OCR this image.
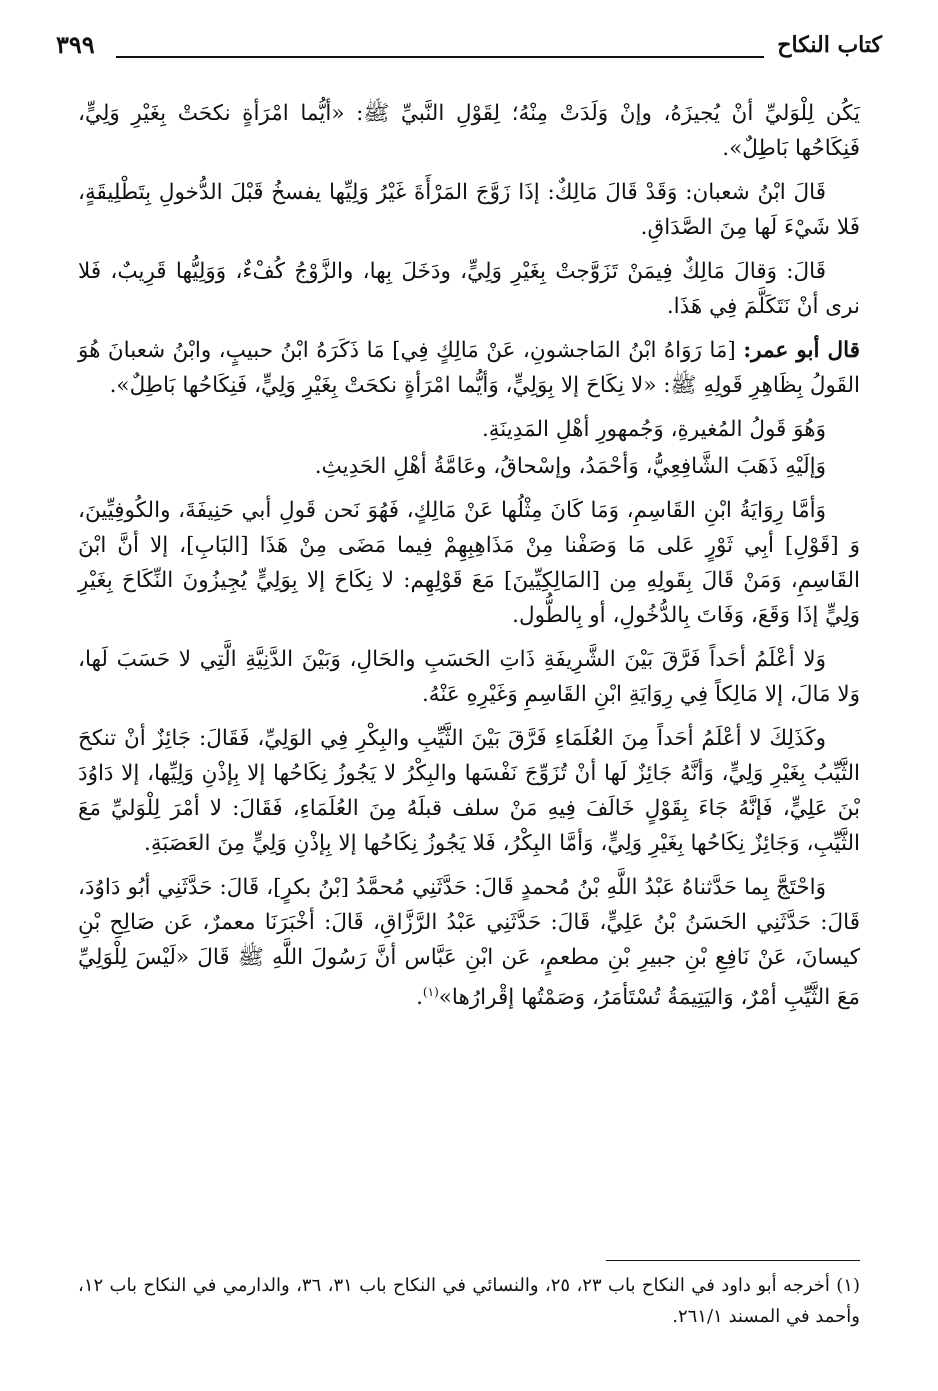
كتاب النكاح
٣٩٩

يَكُن لِلْوَليِّ أنْ يُجيزَهُ، وإنْ وَلَدَتْ مِنْهُ؛ لِقَوْلِ النَّبيِّ ﷺ: «أيُّما امْرَأةٍ نكحَتْ بِغَيْرِ وَلِيٍّ، فَنِكَاحُها بَاطِلٌ».

قَالَ ابْنُ شعبان: وَقَدْ قَالَ مَالِكٌ: إذَا زَوَّجَ المَرْأَةَ غَيْرُ وَلِيِّها يفسخُ قَبْلَ الدُّخولِ بِتَطْلِيقَةٍ، فَلا شَيْءَ لَها مِنَ الصَّدَاقِ.

قَالَ: وَقالَ مَالِكٌ فِيمَنْ تَزَوَّجتْ بِغَيْرِ وَلِيٍّ، ودَخَلَ بِها، والزَّوْجُ كُفْءٌ، وَوَلِيُّها قَرِيبٌ، فَلا نرى أنْ نَتَكَلَّمَ فِي هَذَا.

قال أبو عمر: [مَا رَوَاهُ ابْنُ المَاجشونِ، عَنْ مَالِكٍ فِي] مَا ذَكَرَهُ ابْنُ حبيبٍ، وابْنُ شعبانَ هُوَ القَولُ بِظَاهِرِ قَولِهِ ﷺ: «لا نِكَاحَ إلا بِوَلِيٍّ، وَأيُّما امْرَأةٍ نكحَتْ بِغَيْرِ وَلِيٍّ، فَنِكَاحُها بَاطِلٌ».

وَهُوَ قَولُ المُغيرةِ، وَجُمهورِ أهْلِ المَدِينَةِ.

وَإلَيْهِ ذَهَبَ الشَّافِعِيُّ، وَأحْمَدُ، وإسْحاقُ، وعَامَّةُ أهْلِ الحَدِيثِ.

وَأمَّا رِوَايَةُ ابْنِ القَاسِمِ، وَمَا كَانَ مِثْلُها عَنْ مَالِكٍ، فَهُوَ نَحن قَولِ أبي حَنِيفَةَ، والكُوفِيِّينَ، وَ [قَوْلِ] أبِي ثَوْرٍ عَلى مَا وَصَفْنا مِنْ مَذَاهِبِهِمْ فِيما مَضَى مِنْ هَذَا [البَابِ]، إلا أنَّ ابْنَ القَاسِمِ، وَمَنْ قَالَ بِقَولِهِ مِن [المَالِكِيِّينَ] مَعَ قَوْلِهِم: لا نِكَاحَ إلا بِوَلِيٍّ يُجِيزُونَ النِّكَاحَ بِغَيْرِ وَلِيٍّ إذَا وَقَعَ، وَفَاتَ بِالدُّخُولِ، أو بِالطُّول.

وَلا أعْلَمُ أحَداً فَرَّقَ بَيْنَ الشَّرِيفَةِ ذَاتِ الحَسَبِ والحَالِ، وَبَيْنَ الدَّنِيَّةِ الَّتِي لا حَسَبَ لَها، وَلا مَالَ، إلا مَالِكاً فِي رِوَايَةِ ابْنِ القَاسِمِ وَغَيْرِهِ عَنْهُ.

وكَذَلِكَ لا أعْلَمُ أحَداً مِنَ العُلَمَاءِ فَرَّقَ بَيْنَ الثَّيِّبِ والبِكْرِ فِي الوَلِيِّ، فَقَالَ: جَائِزٌ أنْ تنكحَ الثَّيِّبُ بِغَيْرِ وَلِيٍّ، وَأنَّهُ جَائِزٌ لَها أنْ تُزَوِّجَ نَفْسَها والبِكْرُ لا يَجُوزُ نِكَاحُها إلا بِإذْنِ وَلِيِّها، إلا دَاوُدَ بْنَ عَلِيٍّ، فَإنَّهُ جَاءَ بِقَوْلٍ خَالَفَ فِيهِ مَنْ سلف قبلَهُ مِنَ العُلَمَاءِ، فَقَالَ: لا أمْرَ لِلْوَليِّ مَعَ الثَّيِّبِ، وَجَائِزٌ نِكَاحُها بِغَيْرِ وَلِيٍّ، وَأمَّا البِكْرُ، فَلا يَجُوزُ نِكَاحُها إلا بِإذْنِ وَلِيٍّ مِنَ العَصَبَةِ.

وَاحْتَجَّ بِما حَدَّثناهُ عَبْدُ اللَّهِ بْنُ مُحمدٍ قَالَ: حَدَّثَنِي مُحمَّدُ [بْنُ بكرٍ]، قَالَ: حَدَّثَنِي أبُو دَاوُدَ، قَالَ: حَدَّثَنِي الحَسَنُ بْنُ عَلِيٍّ، قَالَ: حَدَّثَنِي عَبْدُ الرَّزَّاقِ، قَالَ: أخْبَرَنَا معمرٌ، عَن صَالِحِ بْنِ كيسانَ، عَنْ نَافِعِ بْنِ جبيرِ بْنِ مطعمٍ، عَن ابْنِ عَبَّاس أنَّ رَسُولَ اللَّهِ ﷺ قَالَ «لَيْسَ لِلْوَلِيِّ مَعَ الثَّيِّبِ أمْرٌ، وَاليَتِيمَةُ تُسْتَأمَرُ، وَصَمْتُها إقْرارُها»$^{(١)}$.

(١) أخرجه أبو داود في النكاح باب ٢٣، ٢٥، والنسائي في النكاح باب ٣١، ٣٦، والدارمي في النكاح باب ١٢، وأحمد في المسند ٢٦١/١.
